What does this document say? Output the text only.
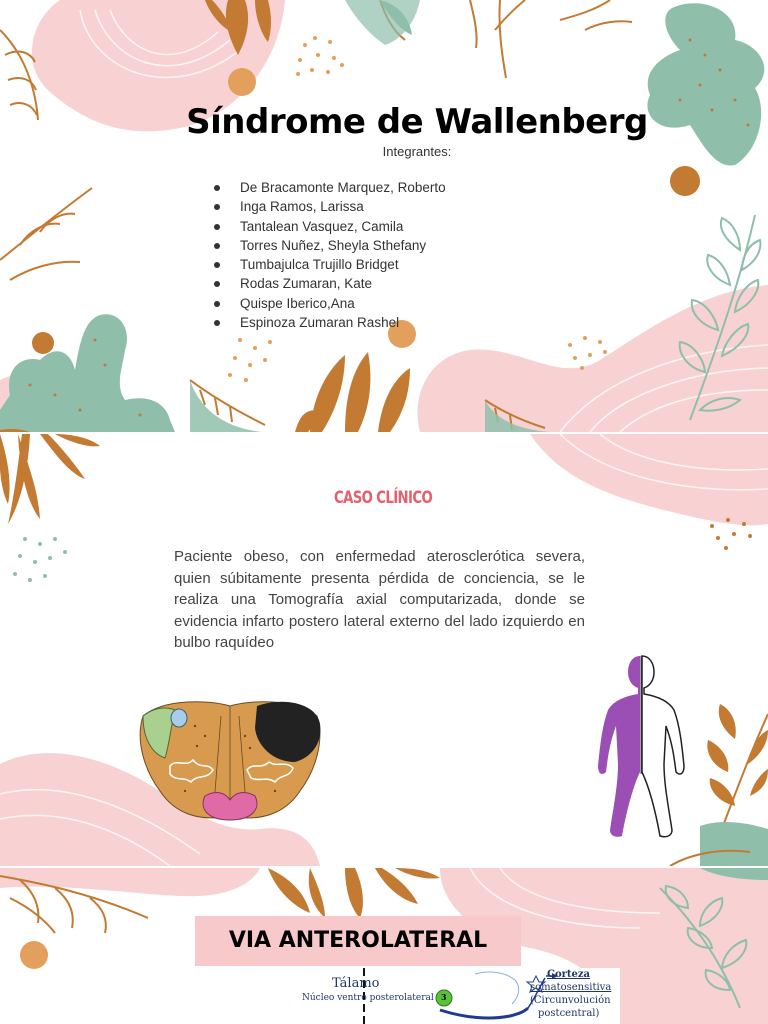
Síndrome de Wallenberg
Integrantes:
De Bracamonte Marquez, Roberto
Inga Ramos, Larissa
Tantalean Vasquez, Camila
Torres Nuñez, Sheyla Sthefany
Tumbajulca Trujillo Bridget
Rodas Zumaran, Kate
Quispe Iberico,Ana
Espinoza Zumaran Rashel
CASO CLÍNICO

Paciente obeso, con enfermedad aterosclerótica severa, quien súbitamente presenta pérdida de conciencia, se le realiza una Tomografía axial computarizada, donde se evidencia infarto postero lateral externo del lado izquierdo en bulbo raquídeo

VIA ANTEROLATERAL
Tálamo
Núcleo ventro posterolateral 3
Corteza
somatosensitiva
(Circunvolución
postcentral)
